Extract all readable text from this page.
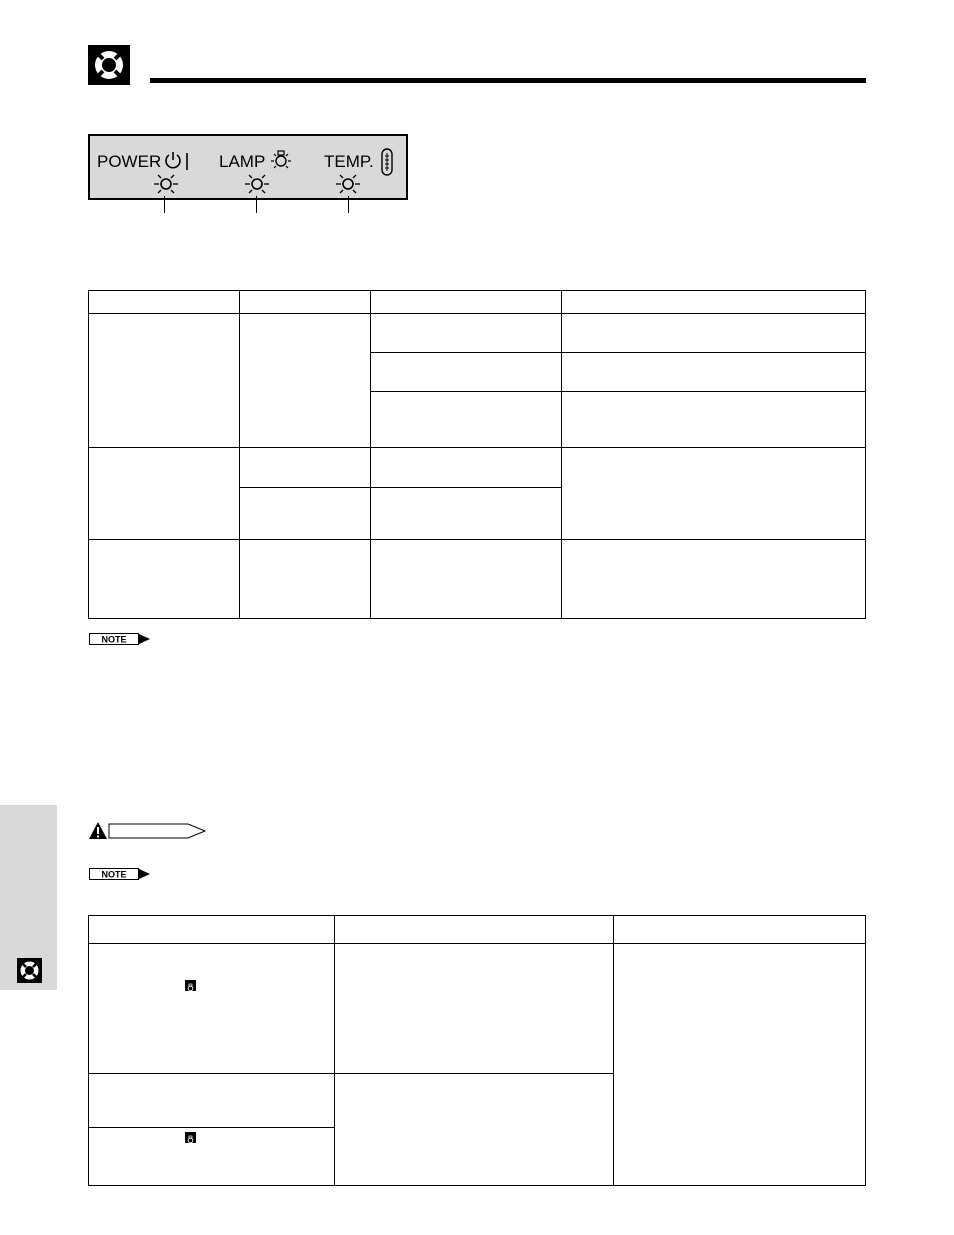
POWER	LAMP	TEMP.
NOTE
NOTE
